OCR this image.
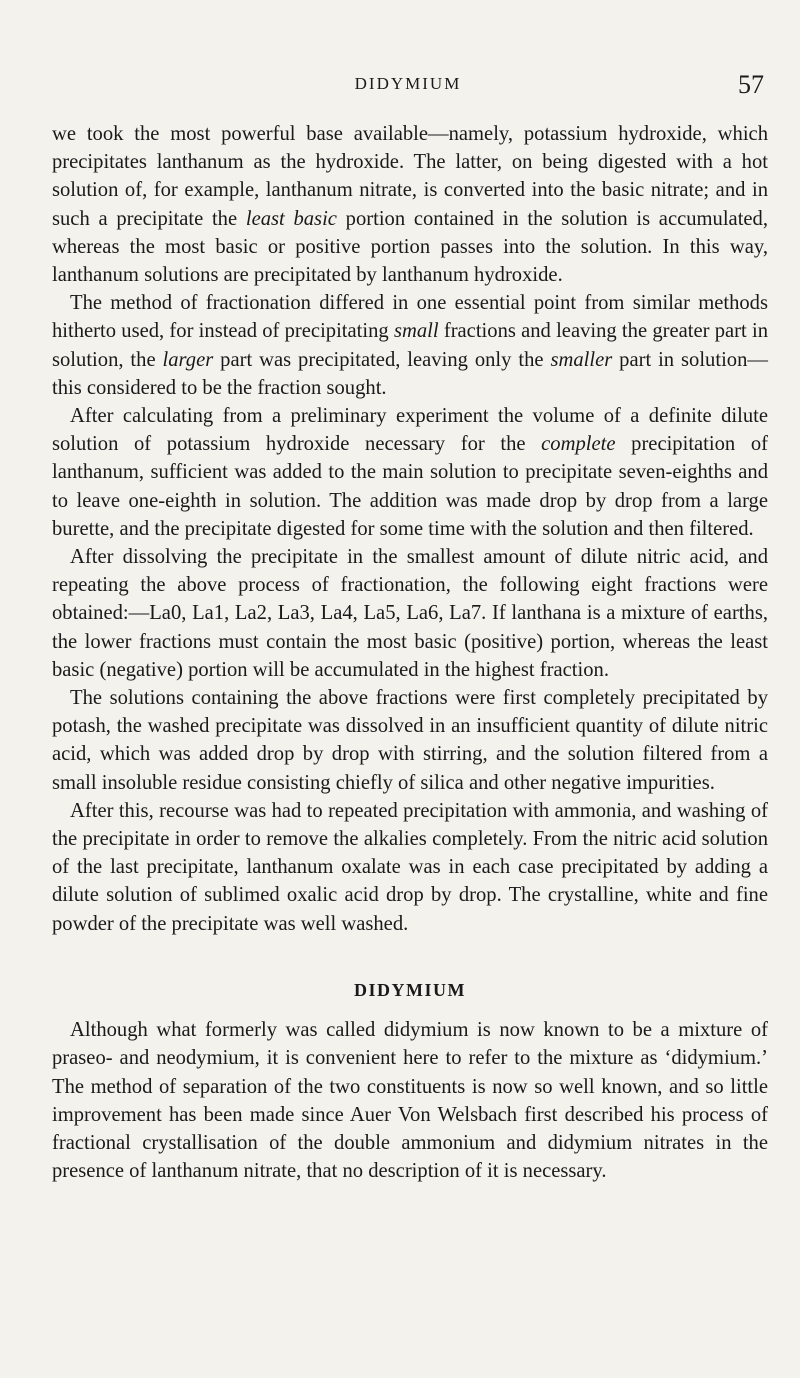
DIDYMIUM	57

we took the most powerful base available—namely, potassium hydroxide, which precipitates lanthanum as the hydroxide. The latter, on being digested with a hot solution of, for example, lanthanum nitrate, is converted into the basic nitrate; and in such a precipitate the least basic portion contained in the solution is accumulated, whereas the most basic or positive portion passes into the solution. In this way, lanthanum solutions are precipitated by lanthanum hydroxide.

The method of fractionation differed in one essential point from similar methods hitherto used, for instead of precipitating small fractions and leaving the greater part in solution, the larger part was precipitated, leaving only the smaller part in solution—this considered to be the fraction sought.

After calculating from a preliminary experiment the volume of a definite dilute solution of potassium hydroxide necessary for the complete precipitation of lanthanum, sufficient was added to the main solution to precipitate seven-eighths and to leave one-eighth in solution. The addition was made drop by drop from a large burette, and the precipitate digested for some time with the solution and then filtered.

After dissolving the precipitate in the smallest amount of dilute nitric acid, and repeating the above process of fractionation, the following eight fractions were obtained:—La0, La1, La2, La3, La4, La5, La6, La7. If lanthana is a mixture of earths, the lower fractions must contain the most basic (positive) portion, whereas the least basic (negative) portion will be accumulated in the highest fraction.

The solutions containing the above fractions were first completely precipitated by potash, the washed precipitate was dissolved in an insufficient quantity of dilute nitric acid, which was added drop by drop with stirring, and the solution filtered from a small insoluble residue consisting chiefly of silica and other negative impurities.

After this, recourse was had to repeated precipitation with ammonia, and washing of the precipitate in order to remove the alkalies completely. From the nitric acid solution of the last precipitate, lanthanum oxalate was in each case precipitated by adding a dilute solution of sublimed oxalic acid drop by drop. The crystalline, white and fine powder of the precipitate was well washed.

DIDYMIUM

Although what formerly was called didymium is now known to be a mixture of praseo- and neodymium, it is convenient here to refer to the mixture as ‘didymium.’ The method of separation of the two constituents is now so well known, and so little improvement has been made since Auer Von Welsbach first described his process of fractional crystallisation of the double ammonium and didymium nitrates in the presence of lanthanum nitrate, that no description of it is necessary.
